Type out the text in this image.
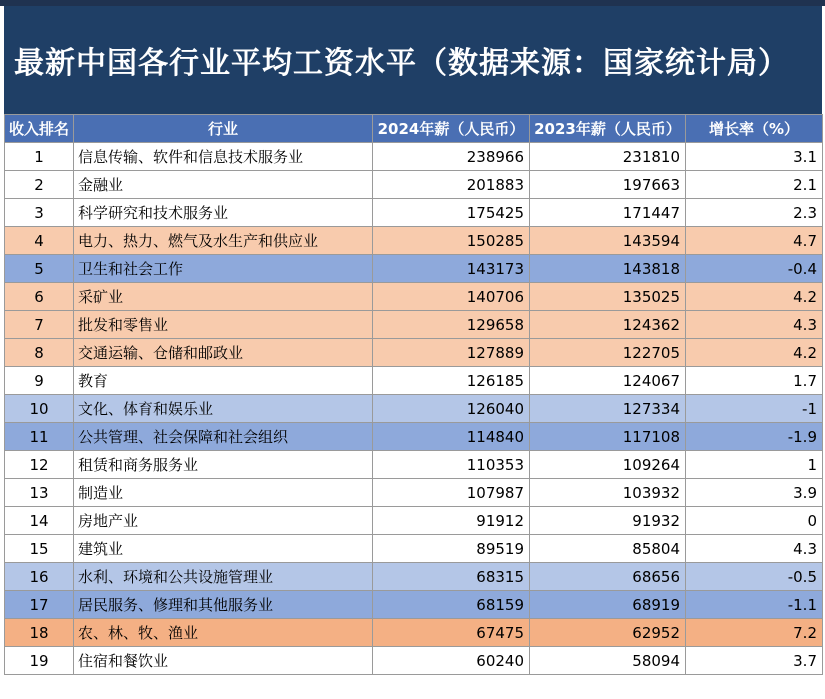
最新中国各行业平均工资水平（数据来源：国家统计局）
收入排名	行业	2024年薪（人民币）	2023年薪（人民币）	增长率（%）
1	信息传输、软件和信息技术服务业	238966	231810	3.1
2	金融业	201883	197663	2.1
3	科学研究和技术服务业	175425	171447	2.3
4	电力、热力、燃气及水生产和供应业	150285	143594	4.7
5	卫生和社会工作	143173	143818	-0.4
6	采矿业	140706	135025	4.2
7	批发和零售业	129658	124362	4.3
8	交通运输、仓储和邮政业	127889	122705	4.2
9	教育	126185	124067	1.7
10	文化、体育和娱乐业	126040	127334	-1
11	公共管理、社会保障和社会组织	114840	117108	-1.9
12	租赁和商务服务业	110353	109264	1
13	制造业	107987	103932	3.9
14	房地产业	91912	91932	0
15	建筑业	89519	85804	4.3
16	水利、环境和公共设施管理业	68315	68656	-0.5
17	居民服务、修理和其他服务业	68159	68919	-1.1
18	农、林、牧、渔业	67475	62952	7.2
19	住宿和餐饮业	60240	58094	3.7
